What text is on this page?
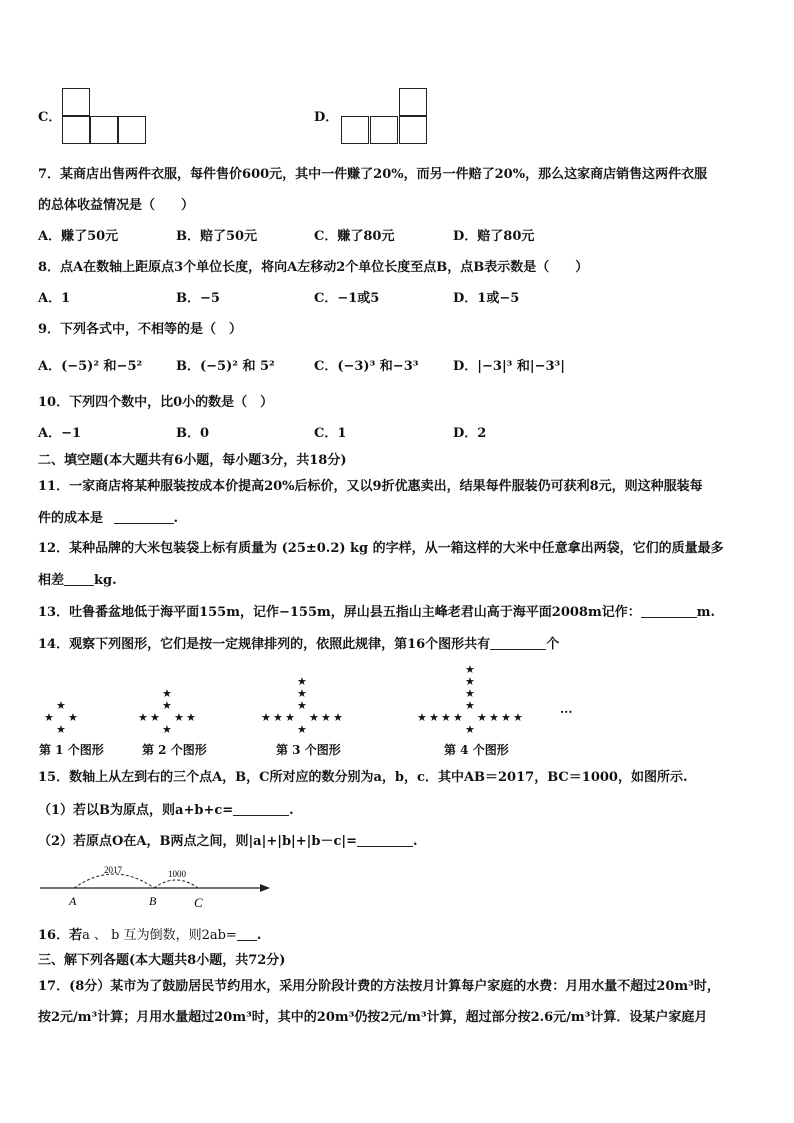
C．	D．
7．某商店出售两件衣服，每件售价600元，其中一件赚了20%，而另一件赔了20%，那么这家商店销售这两件衣服
的总体收益情况是（　　）
A．赚了50元	B．赔了50元	C．赚了80元	D．赔了80元
8．点A在数轴上距原点3个单位长度，将向A左移动2个单位长度至点B，点B表示数是（　　）
A．1	B．−5	C．−1或5	D．1或−5
9．下列各式中，不相等的是（　）
A．(−5)² 和−5²	B．(−5)² 和 5²	C．(−3)³ 和−3³	D．|−3|³ 和|−3³|
10．下列四个数中，比0小的数是（　）
A．−1	B．0	C．1	D．2
二、填空题(本大题共有6小题，每小题3分，共18分)
11．一家商店将某种服装按成本价提高20%后标价，又以9折优惠卖出，结果每件服装仍可获利8元，则这种服装每
件的成本是	.
12．某种品牌的大米包装袋上标有质量为 (25±0.2) kg 的字样，从一箱这样的大米中任意拿出两袋，它们的质量最多
相差 kg.
13．吐鲁番盆地低于海平面155m，记作−155m，屏山县五指山主峰老君山高于海平面2008m记作：	m.
14．观察下列图形，它们是按一定规律排列的，依照此规律，第16个图形共有	个
★ ★
★
★
★ ★
★	★
★
★
★
★ ★
★	★
★	★
★
★
★
★
★ ★
★	★
★	★
★	★
★
★
★
★
★
···
第 1 个图形	第 2 个图形	第 3 个图形	第 4 个图形
15．数轴上从左到右的三个点A，B，C所对应的数分别为a，b，c．其中AB＝2017，BC＝1000，如图所示.
（1）若以B为原点，则a+b+c=	.
（2）若原点O在A，B两点之间，则|a|+|b|+|b－c|=	.
2017	1000
A	B	C
16．若a 、 b 互为倒数，则2ab= .
三、解下列各题(本大题共8小题，共72分)
17．(8分）某市为了鼓励居民节约用水，采用分阶段计费的方法按月计算每户家庭的水费：月用水量不超过20m³时，
按2元/m³计算；月用水量超过20m³时，其中的20m³仍按2元/m³计算，超过部分按2.6元/m³计算．设某户家庭月
